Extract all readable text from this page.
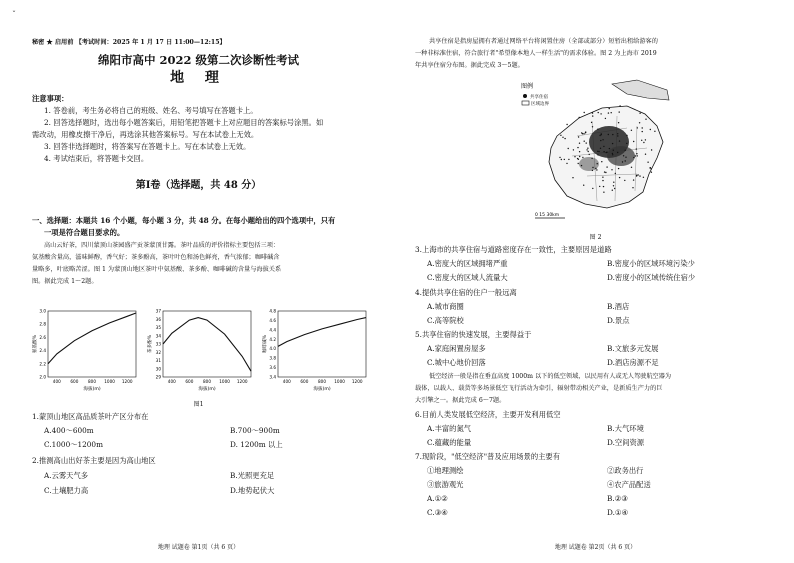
ˇ
秘密 ★ 启用前 【考试时间：2025 年 1 月 17 日 11:00—12:15】
绵阳市高中 2022 级第二次诊断性考试
地 理
注意事项：
1. 答卷前，考生务必将自己的班级、姓名、考号填写在答题卡上。
2. 回答选择题时，选出每小题答案后，用铅笔把答题卡上对应题目的答案标号涂黑。如
需改动，用橡皮擦干净后，再选涂其他答案标号。写在本试卷上无效。
3. 回答非选择题时，将答案写在答题卡上。写在本试卷上无效。
4. 考试结束后，将答题卡交回。
第Ⅰ卷（选择题，共 48 分）
一、选择题：本题共 16 个小题，每小题 3 分，共 48 分。在每小题给出的四个选项中，只有
一项是符合题目要求的。
高山云好茶，四川蒙顶山茶园盛产贡茶蒙顶甘露。茶叶品质的评价指标主要包括三项：
氨基酸含量高，滋味鲜醇，香气好；茶多酚高，茶叶叶色和汤色鲜亮，香气浓郁；咖啡碱含
量略多，叶底略苦涩。图 1 为蒙顶山地区茶叶中氨基酸、茶多酚、咖啡碱的含量与海拔关系
图。据此完成 1～2题。
3.0
2.8
2.6
2.4
2.2
2.0
400 600 800 1000 1200
海拔(m)
氨基酸%
37
36
35
34
33
32
31
30
29
400 600 800 1000 1200
海拔(m)
茶多酚%
4.8
4.6
4.4
4.2
4.0
3.8
3.6
3.4
400 600 800 1000 1200
海拔(m)
咖啡碱%
图1
1.蒙顶山地区高品质茶叶产区分布在
A.400～600m	B.700～900m
C.1000～1200m	D. 1200m 以上
2.推测高山出好茶主要是因为高山地区
A.云雾天气多	B.光照更充足
C.土壤肥力高	D.地势起伏大
地理 试题卷 第1页（共 6 页）
共享住宿是指房屋拥有者通过网络平台将闲置住房（全部或部分）短暂出租给游客的
一种非标准住宿，符合旅行者"希望像本地人一样生活"的需求体验。图 2 为上海市 2019
年共享住宿分布图。据此完成 3～5题。
图例
共享住宿
区域边界
0 15 30km
图 2
3.上海市的共享住宿与道路密度存在一致性，主要原因是道路
A.密度大的区域拥堵严重	B.密度小的区域环境污染少
C.密度大的区域人流量大	D.密度小的区域传统住宿少
4.提供共享住宿的住户一般远离
A.城市商圈	B.酒店
C.高等院校	D.景点
5.共享住宿的快速发展，主要得益于
A.家庭闲置房屋多	B.文旅多元发展
C.城中心地价回落	D.酒店房源不足
低空经济一般是指在垂直高度 1000m 以下的低空领域，以民用有人或无人驾驶航空器为
载体，以载人、载货等多场景低空飞行活动为牵引，辐射带动相关产业，是新质生产力的巨
大引擎之一。据此完成 6～7题。
6.目前人类发展低空经济，主要开发利用低空
A.丰富的氮气	B.大气环境
C.蕴藏的能量	D.空间资源
7.现阶段，"低空经济"普及应用场景的主要有
①地理测绘	②政务出行
③旅游观光	④农产品配送
A.①②	B.②③
C.③④	D.①④
地理 试题卷 第2页（共 6 页）
